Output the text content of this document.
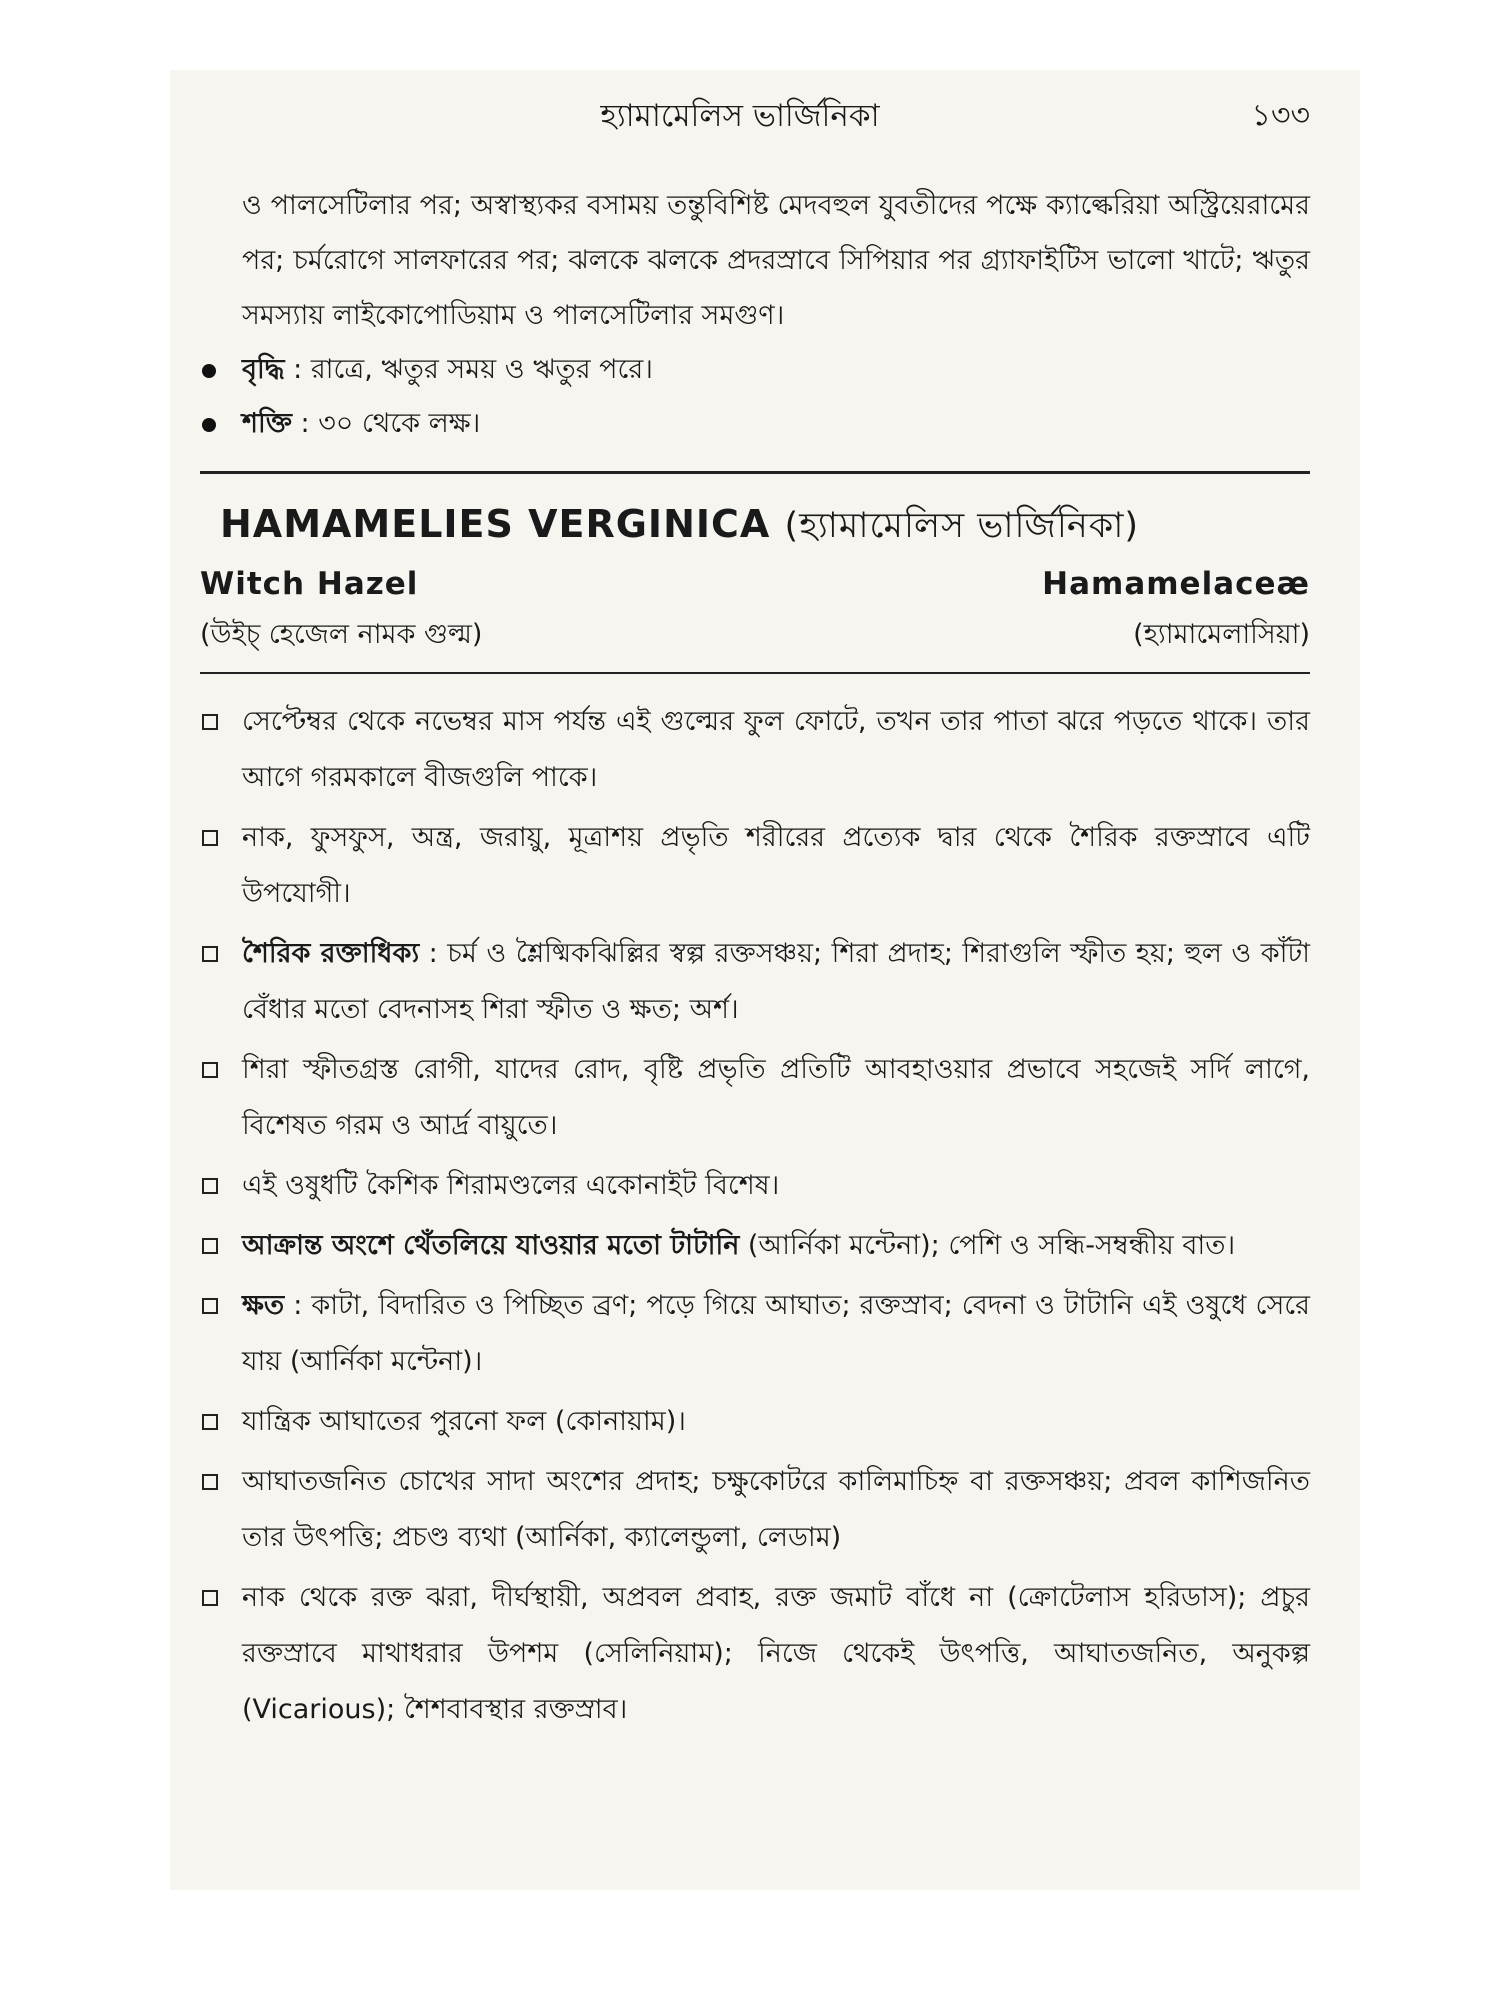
হ্যামামেলিস ভার্জিনিকা	১৩৩

ও পালসেটিলার পর; অস্বাস্থ্যকর বসাময় তন্তুবিশিষ্ট মেদবহুল যুবতীদের পক্ষে ক্যাল্কেরিয়া অস্ট্রিয়েরামের পর; চর্মরোগে সালফারের পর; ঝলকে ঝলকে প্রদরস্রাবে সিপিয়ার পর গ্র্যাফাইটিস ভালো খাটে; ঋতুর সমস্যায় লাইকোপোডিয়াম ও পালসেটিলার সমগুণ।

বৃদ্ধি : রাত্রে, ঋতুর সময় ও ঋতুর পরে।
শক্তি : ৩০ থেকে লক্ষ।
HAMAMELIES VERGINICA (হ্যামামেলিস ভার্জিনিকা)
Witch Hazel	Hamamelaceæ
(উইচ্ হেজেল নামক গুল্ম)	(হ্যামামেলাসিয়া)

সেপ্টেম্বর থেকে নভেম্বর মাস পর্যন্ত এই গুল্মের ফুল ফোটে, তখন তার পাতা ঝরে পড়তে থাকে। তার আগে গরমকালে বীজগুলি পাকে।

নাক, ফুসফুস, অন্ত্র, জরায়ু, মূত্রাশয় প্রভৃতি শরীরের প্রত্যেক দ্বার থেকে শৈরিক রক্তস্রাবে এটি উপযোগী।

শৈরিক রক্তাধিক্য : চর্ম ও শ্লৈষ্মিকঝিল্লির স্বল্প রক্তসঞ্চয়; শিরা প্রদাহ; শিরাগুলি স্ফীত হয়; হুল ও কাঁটা বেঁধার মতো বেদনাসহ শিরা স্ফীত ও ক্ষত; অর্শ।

শিরা স্ফীতগ্রস্ত রোগী, যাদের রোদ, বৃষ্টি প্রভৃতি প্রতিটি আবহাওয়ার প্রভাবে সহজেই সর্দি লাগে, বিশেষত গরম ও আর্দ্র বায়ুতে।

এই ওষুধটি কৈশিক শিরামণ্ডলের একোনাইট বিশেষ।

আক্রান্ত অংশে থেঁতলিয়ে যাওয়ার মতো টাটানি (আর্নিকা মন্টেনা); পেশি ও সন্ধি-সম্বন্ধীয় বাত।

ক্ষত : কাটা, বিদারিত ও পিচ্ছিত ব্রণ; পড়ে গিয়ে আঘাত; রক্তস্রাব; বেদনা ও টাটানি এই ওষুধে সেরে যায় (আর্নিকা মন্টেনা)।

যান্ত্রিক আঘাতের পুরনো ফল (কোনায়াম)।

আঘাতজনিত চোখের সাদা অংশের প্রদাহ; চক্ষুকোটরে কালিমাচিহ্ন বা রক্তসঞ্চয়; প্রবল কাশিজনিত তার উৎপত্তি; প্রচণ্ড ব্যথা (আর্নিকা, ক্যালেন্ডুলা, লেডাম)

নাক থেকে রক্ত ঝরা, দীর্ঘস্থায়ী, অপ্রবল প্রবাহ, রক্ত জমাট বাঁধে না (ক্রোটেলাস হরিডাস); প্রচুর রক্তস্রাবে মাথাধরার উপশম (সেলিনিয়াম); নিজে থেকেই উৎপত্তি, আঘাতজনিত, অনুকল্প (Vicarious); শৈশবাবস্থার রক্তস্রাব।
